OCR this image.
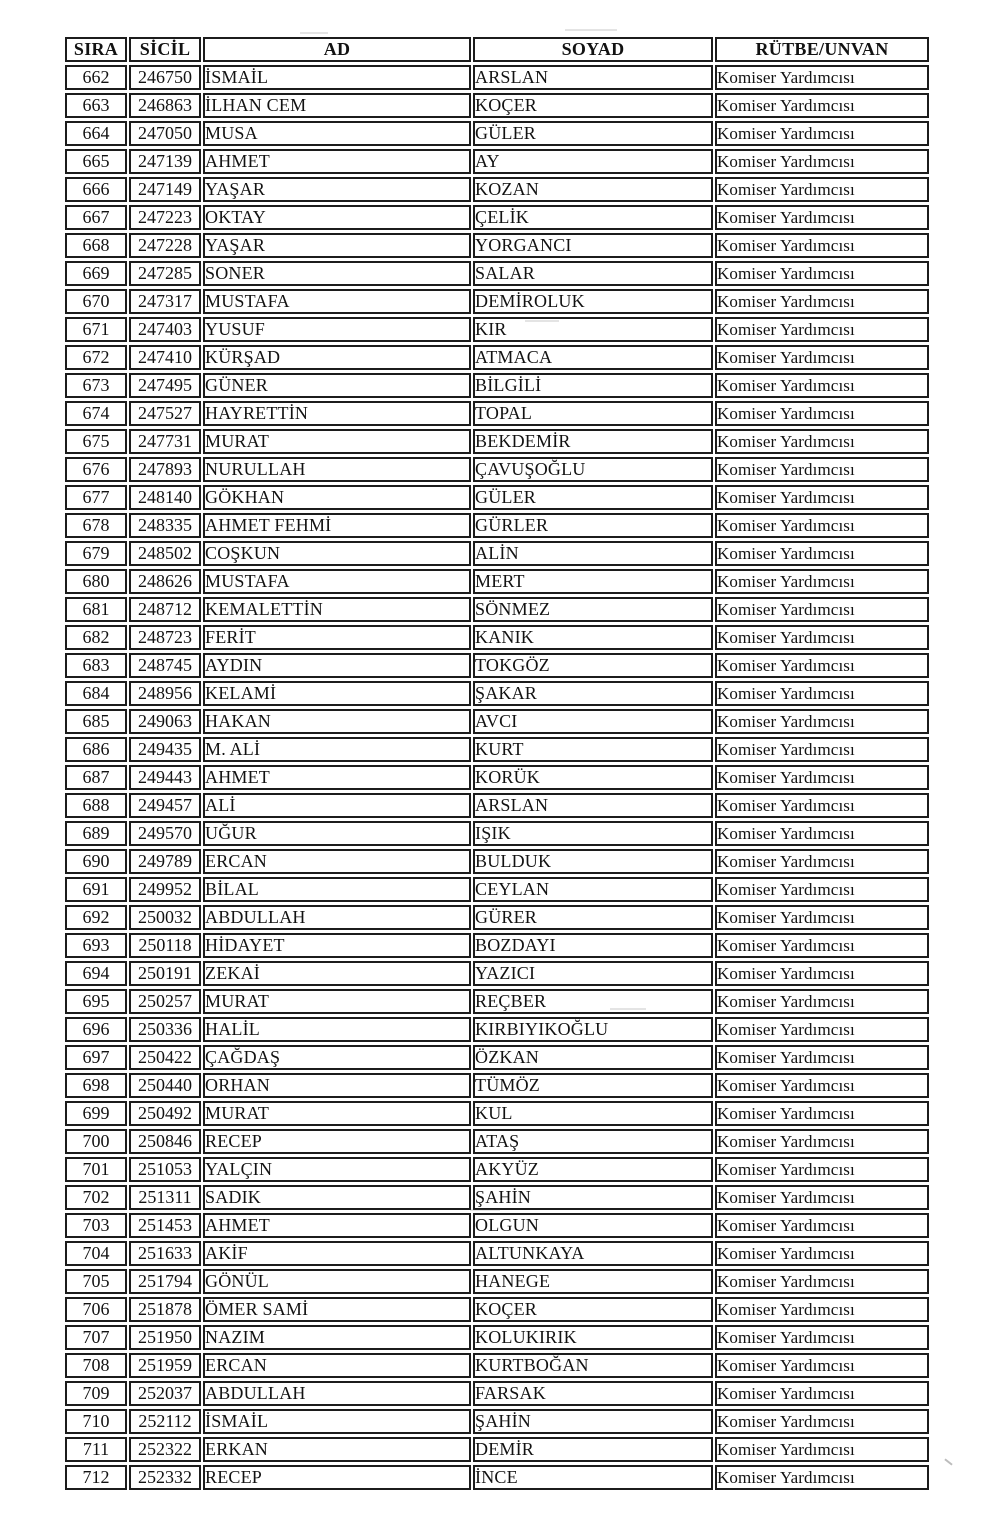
SIRA	SİCİL	AD	SOYAD	RÜTBE/UNVAN
662	246750	İSMAİL	ARSLAN	Komiser Yardımcısı
663	246863	İLHAN CEM	KOÇER	Komiser Yardımcısı
664	247050	MUSA	GÜLER	Komiser Yardımcısı
665	247139	AHMET	AY	Komiser Yardımcısı
666	247149	YAŞAR	KOZAN	Komiser Yardımcısı
667	247223	OKTAY	ÇELİK	Komiser Yardımcısı
668	247228	YAŞAR	YORGANCI	Komiser Yardımcısı
669	247285	SONER	SALAR	Komiser Yardımcısı
670	247317	MUSTAFA	DEMİROLUK	Komiser Yardımcısı
671	247403	YUSUF	KIR	Komiser Yardımcısı
672	247410	KÜRŞAD	ATMACA	Komiser Yardımcısı
673	247495	GÜNER	BİLGİLİ	Komiser Yardımcısı
674	247527	HAYRETTİN	TOPAL	Komiser Yardımcısı
675	247731	MURAT	BEKDEMİR	Komiser Yardımcısı
676	247893	NURULLAH	ÇAVUŞOĞLU	Komiser Yardımcısı
677	248140	GÖKHAN	GÜLER	Komiser Yardımcısı
678	248335	AHMET FEHMİ	GÜRLER	Komiser Yardımcısı
679	248502	COŞKUN	ALİN	Komiser Yardımcısı
680	248626	MUSTAFA	MERT	Komiser Yardımcısı
681	248712	KEMALETTİN	SÖNMEZ	Komiser Yardımcısı
682	248723	FERİT	KANIK	Komiser Yardımcısı
683	248745	AYDIN	TOKGÖZ	Komiser Yardımcısı
684	248956	KELAMİ	ŞAKAR	Komiser Yardımcısı
685	249063	HAKAN	AVCI	Komiser Yardımcısı
686	249435	M. ALİ	KURT	Komiser Yardımcısı
687	249443	AHMET	KORÜK	Komiser Yardımcısı
688	249457	ALİ	ARSLAN	Komiser Yardımcısı
689	249570	UĞUR	IŞIK	Komiser Yardımcısı
690	249789	ERCAN	BULDUK	Komiser Yardımcısı
691	249952	BİLAL	CEYLAN	Komiser Yardımcısı
692	250032	ABDULLAH	GÜRER	Komiser Yardımcısı
693	250118	HİDAYET	BOZDAYI	Komiser Yardımcısı
694	250191	ZEKAİ	YAZICI	Komiser Yardımcısı
695	250257	MURAT	REÇBER	Komiser Yardımcısı
696	250336	HALİL	KIRBIYIKOĞLU	Komiser Yardımcısı
697	250422	ÇAĞDAŞ	ÖZKAN	Komiser Yardımcısı
698	250440	ORHAN	TÜMÖZ	Komiser Yardımcısı
699	250492	MURAT	KUL	Komiser Yardımcısı
700	250846	RECEP	ATAŞ	Komiser Yardımcısı
701	251053	YALÇIN	AKYÜZ	Komiser Yardımcısı
702	251311	SADIK	ŞAHİN	Komiser Yardımcısı
703	251453	AHMET	OLGUN	Komiser Yardımcısı
704	251633	AKİF	ALTUNKAYA	Komiser Yardımcısı
705	251794	GÖNÜL	HANEGE	Komiser Yardımcısı
706	251878	ÖMER SAMİ	KOÇER	Komiser Yardımcısı
707	251950	NAZIM	KOLUKIRIK	Komiser Yardımcısı
708	251959	ERCAN	KURTBOĞAN	Komiser Yardımcısı
709	252037	ABDULLAH	FARSAK	Komiser Yardımcısı
710	252112	İSMAİL	ŞAHİN	Komiser Yardımcısı
711	252322	ERKAN	DEMİR	Komiser Yardımcısı
712	252332	RECEP	İNCE	Komiser Yardımcısı
